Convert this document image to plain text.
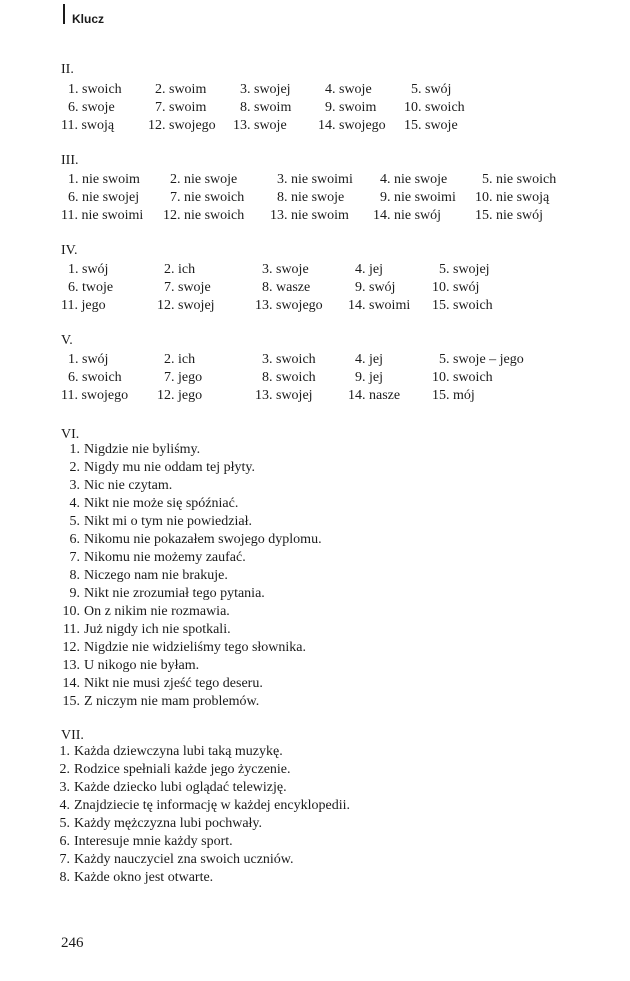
Klucz
II.
1. swoich 2. swoim 3. swojej 4. swoje	5. swój
6. swoje	7. swoim 8. swoim 9. swoim 10. swoich
11. swoją 12. swojego 13. swoje 14. swojego 15. swoje
III.
1. nie swoim 2. nie swoje	3. nie swoimi 4. nie swoje 5. nie swoich
6. nie swojej 7. nie swoich 8. nie swoje	9. nie swoimi 10. nie swoją
11. nie swoimi 12. nie swoich 13. nie swoim 14. nie swój 15. nie swój
IV.
1. swój	2. ich	3. swoje	4. jej	5. swojej
6. twoje	7. swoje	8. wasze	9. swój	10. swój
11. jego	12. swojej	13. swojego 14. swoimi 15. swoich
V.
1. swój	2. ich	3. swoich	4. jej	5. swoje – jego
6. swoich	7. jego	8. swoich	9. jej	10. swoich
11. swojego 12. jego	13. swojej	14. nasze 15. mój
VI.
1. Nigdzie nie byliśmy.
2. Nigdy mu nie oddam tej płyty.
3. Nic nie czytam.
4. Nikt nie może się spóźniać.
5. Nikt mi o tym nie powiedział.
6. Nikomu nie pokazałem swojego dyplomu.
7. Nikomu nie możemy zaufać.
8. Niczego nam nie brakuje.
9. Nikt nie zrozumiał tego pytania.
10. On z nikim nie rozmawia.
11. Już nigdy ich nie spotkali.
12. Nigdzie nie widzieliśmy tego słownika.
13. U nikogo nie byłam.
14. Nikt nie musi zjeść tego deseru.
15. Z niczym nie mam problemów.
VII.
1. Każda dziewczyna lubi taką muzykę.
2. Rodzice spełniali każde jego życzenie.
3. Każde dziecko lubi oglądać telewizję.
4. Znajdziecie tę informację w każdej encyklopedii.
5. Każdy mężczyzna lubi pochwały.
6. Interesuje mnie każdy sport.
7. Każdy nauczyciel zna swoich uczniów.
8. Każde okno jest otwarte.
246
